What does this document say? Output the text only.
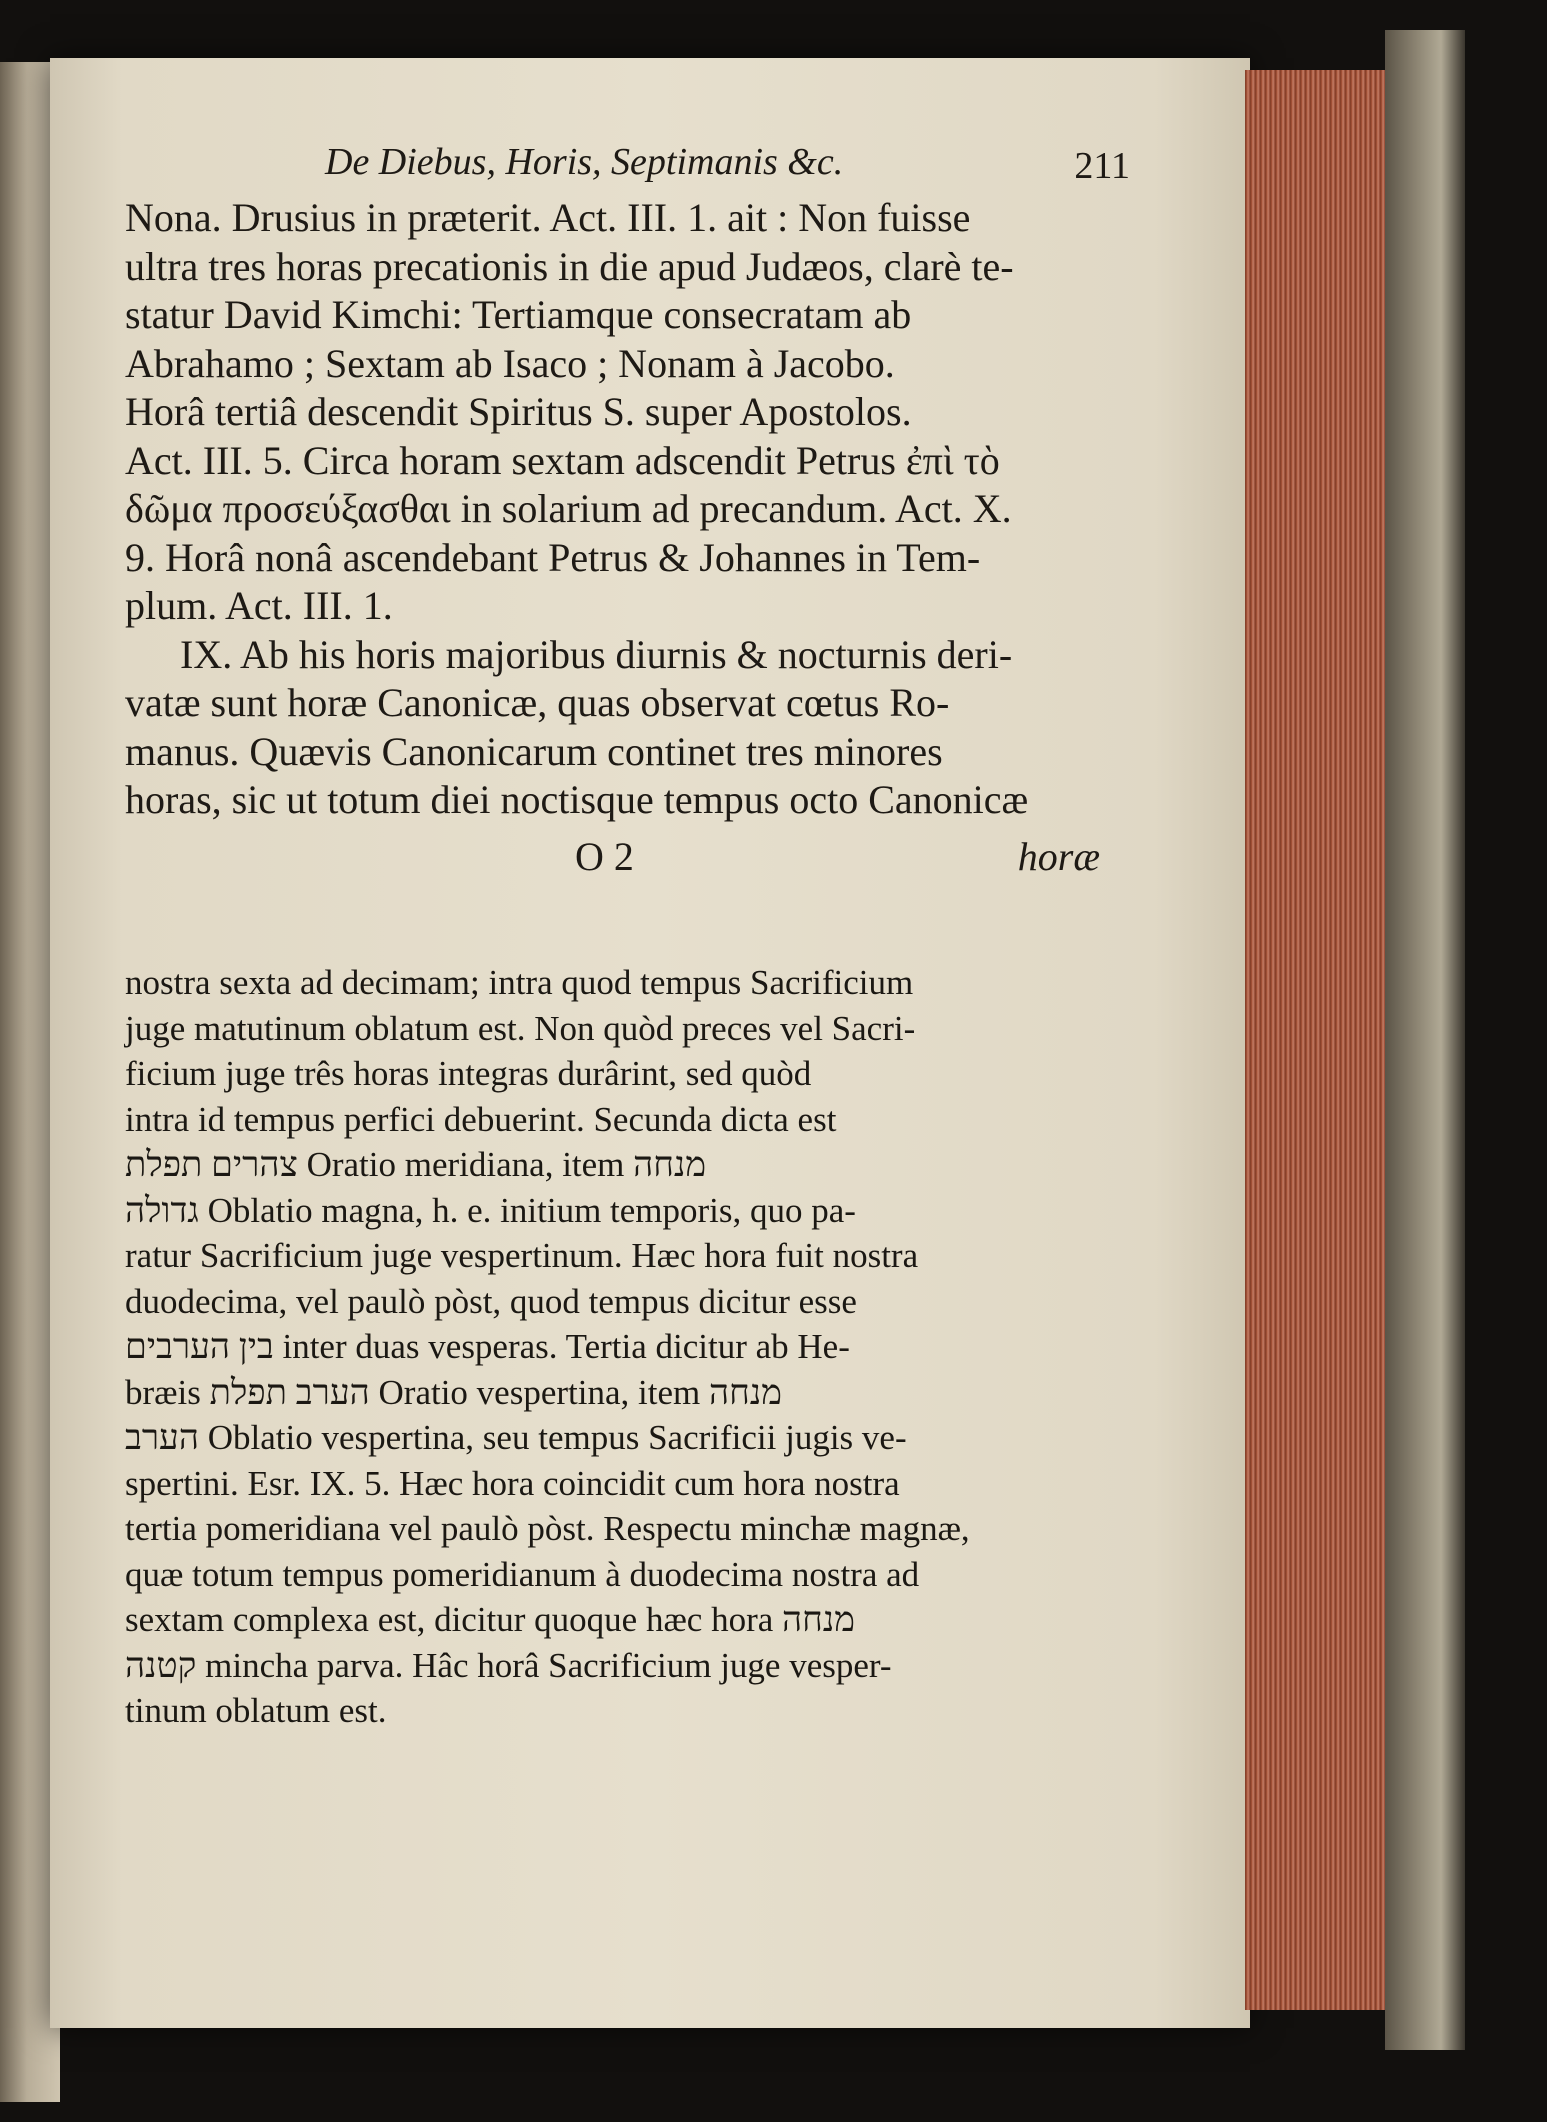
De Diebus, Horis, Septimanis &c.	211
Nona. Drusius in præterit. Act. III. 1. ait : Non fuisse
ultra tres horas precationis in die apud Judæos, clarè te-
statur David Kimchi: Tertiamque consecratam ab
Abrahamo ; Sextam ab Isaco ; Nonam à Jacobo.
Horâ tertiâ descendit Spiritus S. super Apostolos.
Act. III. 5. Circa horam sextam adscendit Petrus ἐπὶ τὸ
δῶμα προσεύξασθαι in solarium ad precandum. Act. X.
9. Horâ nonâ ascendebant Petrus & Johannes in Tem-
plum. Act. III. 1.
IX. Ab his horis majoribus diurnis & nocturnis deri-
vatæ sunt horæ Canonicæ, quas observat cœtus Ro-
manus. Quævis Canonicarum continet tres minores
horas, sic ut totum diei noctisque tempus octo Canonicæ
O 2	horæ
nostra sexta ad decimam; intra quod tempus Sacrificium
juge matutinum oblatum est. Non quòd preces vel Sacri-
ficium juge três horas integras durârint, sed quòd
intra id tempus perfici debuerint. Secunda dicta est
צהרים תפלת Oratio meridiana, item מנחה
גדולה Oblatio magna, h. e. initium temporis, quo pa-
ratur Sacrificium juge vespertinum. Hæc hora fuit nostra
duodecima, vel paulò pòst, quod tempus dicitur esse
בין הערבים inter duas vesperas. Tertia dicitur ab He-
bræis הערב תפלת Oratio vespertina, item מנחה
הערב Oblatio vespertina, seu tempus Sacrificii jugis ve-
spertini. Esr. IX. 5. Hæc hora coincidit cum hora nostra
tertia pomeridiana vel paulò pòst. Respectu minchæ magnæ,
quæ totum tempus pomeridianum à duodecima nostra ad
sextam complexa est, dicitur quoque hæc hora מנחה
קטנה mincha parva. Hâc horâ Sacrificium juge vesper-
tinum oblatum est.
